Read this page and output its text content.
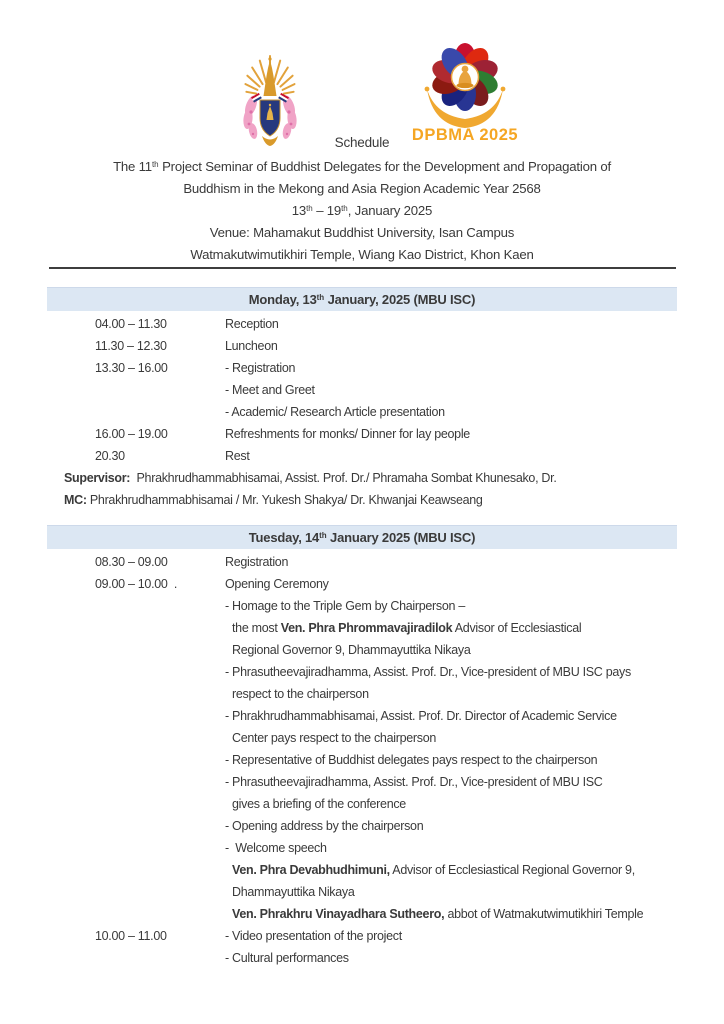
DPBMA 2025
Schedule
The 11th Project Seminar of Buddhist Delegates for the Development and Propagation of
Buddhism in the Mekong and Asia Region Academic Year 2568
13th – 19th, January 2025
Venue: Mahamakut Buddhist University, Isan Campus
Watmakutwimutikhiri Temple, Wiang Kao District, Khon Kaen
Monday, 13th January, 2025 (MBU ISC)
04.00 – 11.30	Reception
11.30 – 12.30	Luncheon
13.30 – 16.00	- Registration
- Meet and Greet
- Academic/ Research Article presentation
16.00 – 19.00	Refreshments for monks/ Dinner for lay people
20.30	Rest
Supervisor:  Phrakhrudhammabhisamai, Assist. Prof. Dr./ Phramaha Sombat Khunesako, Dr.
MC: Phrakhrudhammabhisamai / Mr. Yukesh Shakya/ Dr. Khwanjai Keawseang
Tuesday, 14th January 2025 (MBU ISC)
08.30 – 09.00	Registration
09.00 – 10.00  .	Opening Ceremony
- Homage to the Triple Gem by Chairperson –
the most Ven. Phra Phrommavajiradilok Advisor of Ecclesiastical
Regional Governor 9, Dhammayuttika Nikaya
- Phrasutheevajiradhamma, Assist. Prof. Dr., Vice-president of MBU ISC pays
respect to the chairperson
- Phrakhrudhammabhisamai, Assist. Prof. Dr. Director of Academic Service
Center pays respect to the chairperson
- Representative of Buddhist delegates pays respect to the chairperson
- Phrasutheevajiradhamma, Assist. Prof. Dr., Vice-president of MBU ISC
gives a briefing of the conference
- Opening address by the chairperson
-  Welcome speech
Ven. Phra Devabhudhimuni, Advisor of Ecclesiastical Regional Governor 9,
Dhammayuttika Nikaya
Ven. Phrakhru Vinayadhara Sutheero, abbot of Watmakutwimutikhiri Temple
10.00 – 11.00	- Video presentation of the project
- Cultural performances
